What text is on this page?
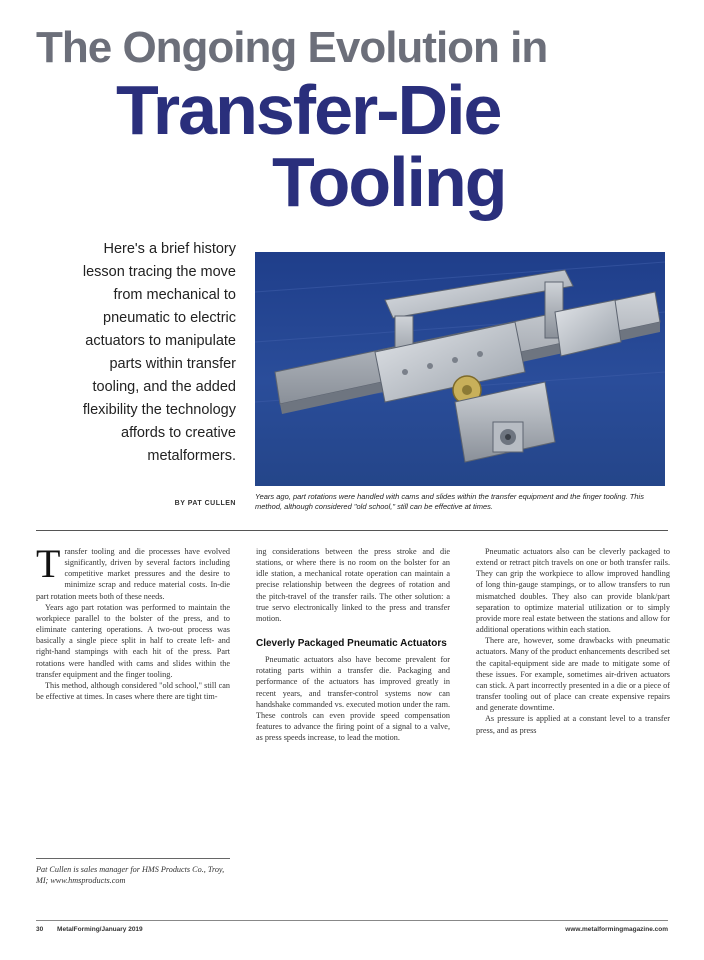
The Ongoing Evolution in
Transfer-Die
Tooling
Here's a brief history
lesson tracing the move
from mechanical to
pneumatic to electric
actuators to manipulate
parts within transfer
tooling, and the added
flexibility the technology
affords to creative
metalformers.
BY PAT CULLEN
Years ago, part rotations were handled with cams and slides within the transfer equipment and the finger tooling. This method, although considered "old school," still can be effective at times.

Transfer tooling and die processes have evolved significantly, driven by several factors including competitive market pressures and the desire to minimize scrap and reduce material costs. In-die part rotation meets both of these needs.

Years ago part rotation was performed to maintain the workpiece parallel to the bolster of the press, and to eliminate cantering operations. A two-out process was basically a single piece split in half to create left- and right-hand stampings with each hit of the press. Part rotations were handled with cams and slides within the transfer equipment and the finger tooling.

This method, although considered "old school," still can be effective at times. In cases where there are tight tim-

ing considerations between the press stroke and die stations, or where there is no room on the bolster for an idle station, a mechanical rotate operation can maintain a precise relationship between the degrees of rotation and the pitch-travel of the transfer rails. The other solution: a true servo electronically linked to the press and transfer motion.

Cleverly Packaged Pneumatic Actuators

Pneumatic actuators also have become prevalent for rotating parts within a transfer die. Packaging and performance of the actuators has improved greatly in recent years, and transfer-control systems now can handshake commanded vs. executed motion under the ram. These controls can even provide speed compensation features to advance the firing point of a signal to a valve, as press speeds increase, to lead the motion.

Pneumatic actuators also can be cleverly packaged to extend or retract pitch travels on one or both transfer rails. They can grip the workpiece to allow improved handling of long thin-gauge stampings, or to allow transfers to run mismatched doubles. They also can provide blank/part separation to optimize material utilization or to simply provide more real estate between the stations and allow for additional operations within each station.

There are, however, some drawbacks with pneumatic actuators. Many of the product enhancements described set the capital-equipment side are made to mitigate some of these issues. For example, sometimes air-driven actuators can stick. A part incorrectly presented in a die or a piece of transfer tooling out of place can create expensive repairs and generate downtime.

As pressure is applied at a constant level to a transfer press, and as press

Pat Cullen is sales manager for HMS Products Co., Troy, MI; www.hmsproducts.com
30 MetalForming/January 2019	www.metalformingmagazine.com
